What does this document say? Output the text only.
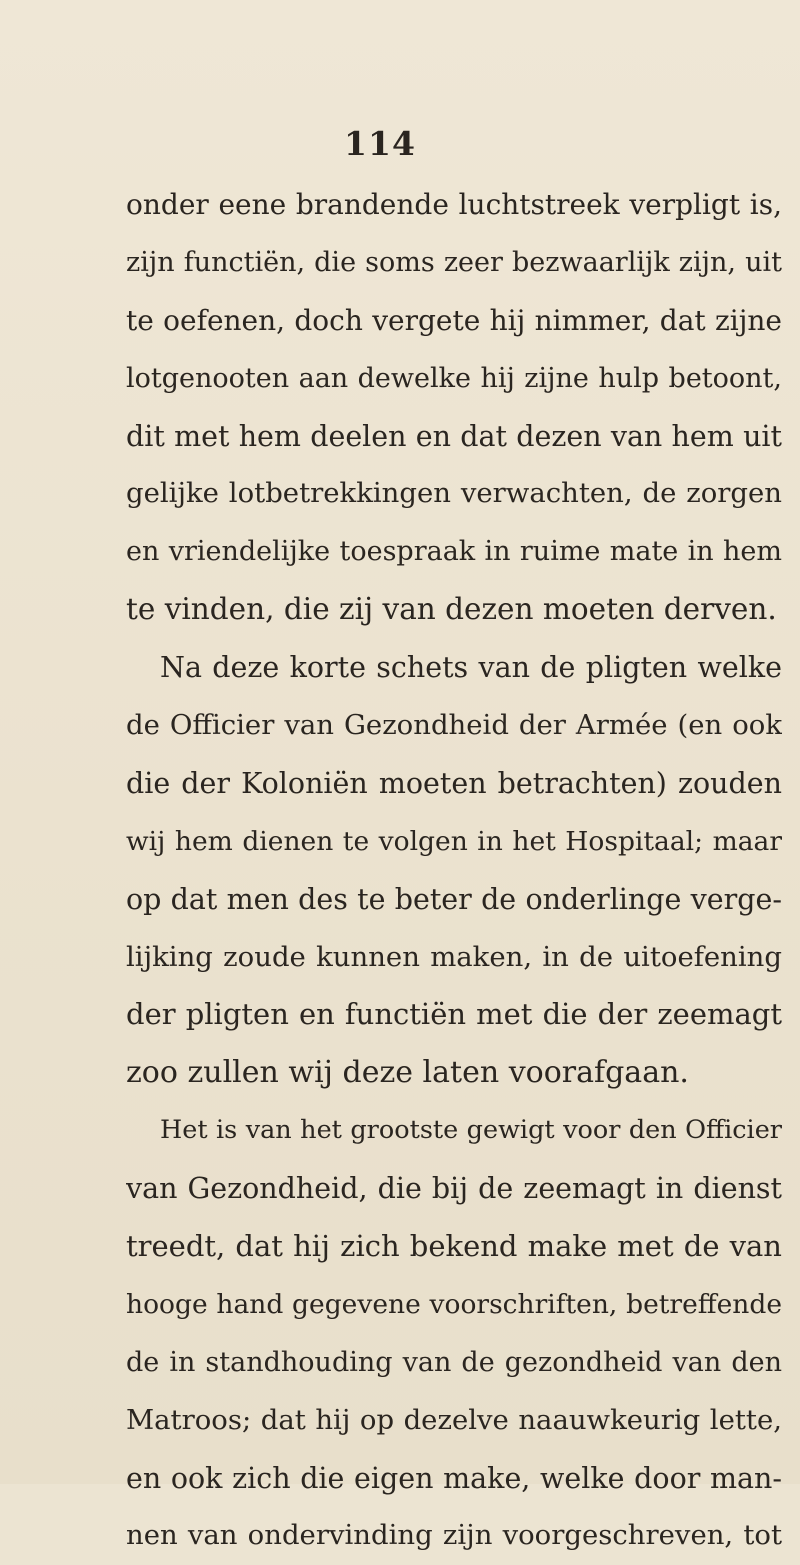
114
onder eene brandende luchtstreek verpligt is,
zijn functiën, die soms zeer bezwaarlijk zijn, uit
te oefenen, doch vergete hij nimmer, dat zijne
lotgenooten aan dewelke hij zijne hulp betoont,
dit met hem deelen en dat dezen van hem uit
gelijke lotbetrekkingen verwachten, de zorgen
en vriendelijke toespraak in ruime mate in hem
te vinden, die zij van dezen moeten derven.
Na deze korte schets van de pligten welke
de Officier van Gezondheid der Armée (en ook
die der Koloniën moeten betrachten) zouden
wij hem dienen te volgen in het Hospitaal; maar
op dat men des te beter de onderlinge verge-
lijking zoude kunnen maken, in de uitoefening
der pligten en functiën met die der zeemagt
zoo zullen wij deze laten voorafgaan.
Het is van het grootste gewigt voor den Officier
van Gezondheid, die bij de zeemagt in dienst
treedt, dat hij zich bekend make met de van
hooge hand gegevene voorschriften, betreffende
de in standhouding van de gezondheid van den
Matroos; dat hij op dezelve naauwkeurig lette,
en ook zich die eigen make, welke door man-
nen van ondervinding zijn voorgeschreven, tot
